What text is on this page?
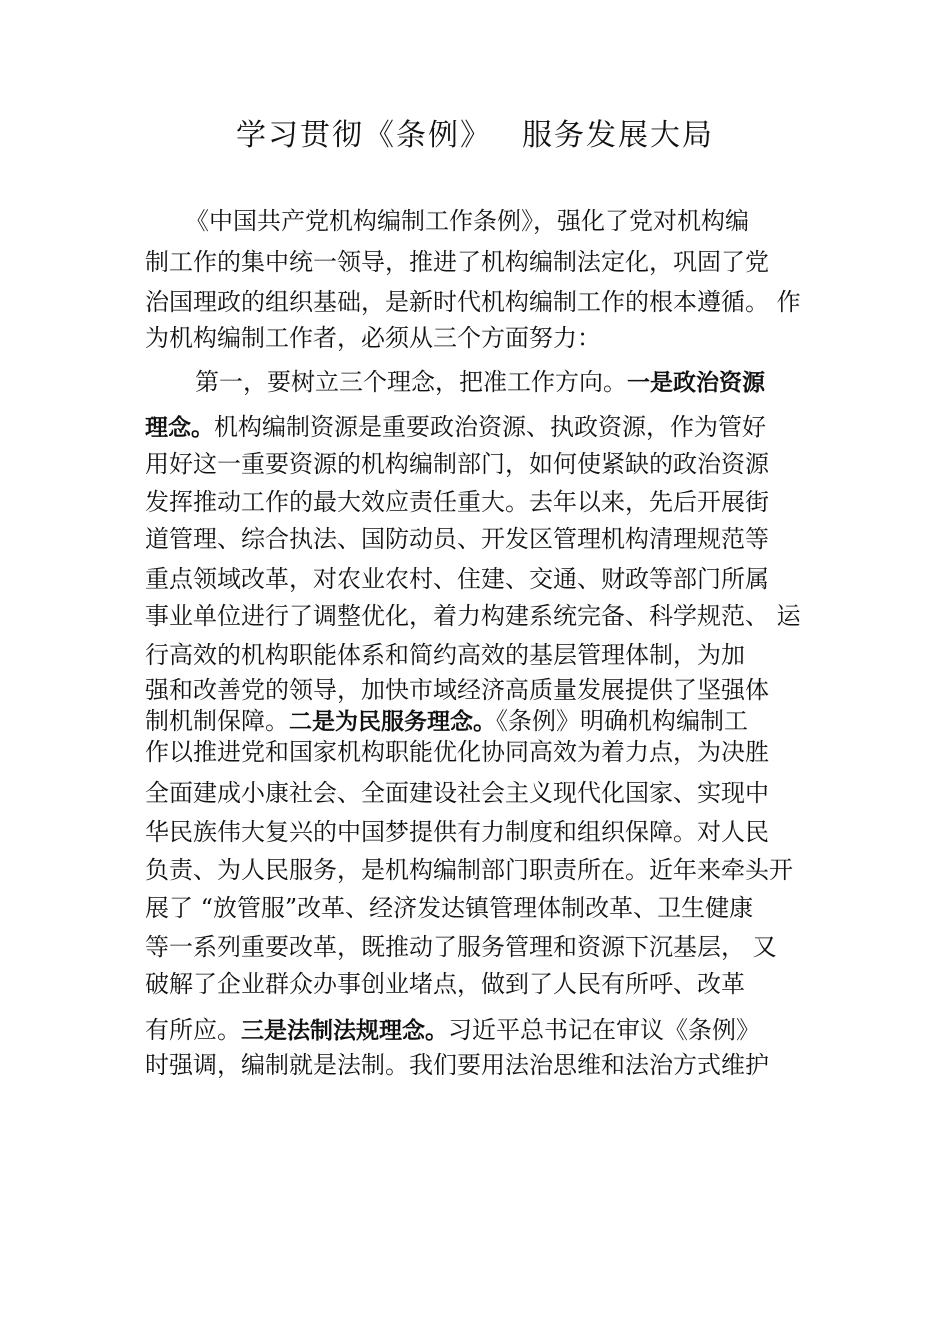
学习贯彻《条例》 服务发展大局
《中国共产党机构编制工作条例》，强化了党对机构编
制工作的集中统一领导，推进了机构编制法定化，巩固了党
治国理政的组织基础，是新时代机构编制工作的根本遵循。 作
为机构编制工作者，必须从三个方面努力：
第一，要树立三个理念，把准工作方向。一是政治资源
理念。机构编制资源是重要政治资源、执政资源，作为管好
用好这一重要资源的机构编制部门，如何使紧缺的政治资源
发挥推动工作的最大效应责任重大。去年以来，先后开展街
道管理、综合执法、国防动员、开发区管理机构清理规范等
重点领域改革，对农业农村、住建、交通、财政等部门所属
事业单位进行了调整优化，着力构建系统完备、科学规范、 运
行高效的机构职能体系和简约高效的基层管理体制，为加
强和改善党的领导，加快市域经济高质量发展提供了坚强体
制机制保障。二是为民服务理念。《条例》明确机构编制工
作以推进党和国家机构职能优化协同高效为着力点，为决胜
全面建成小康社会、全面建设社会主义现代化国家、实现中
华民族伟大复兴的中国梦提供有力制度和组织保障。对人民
负责、为人民服务，是机构编制部门职责所在。近年来牵头开
展了 “放管服”改革、经济发达镇管理体制改革、卫生健康
等一系列重要改革，既推动了服务管理和资源下沉基层， 又
破解了企业群众办事创业堵点，做到了人民有所呼、改革
有所应。三是法制法规理念。习近平总书记在审议《条例》
时强调，编制就是法制。我们要用法治思维和法治方式维护
